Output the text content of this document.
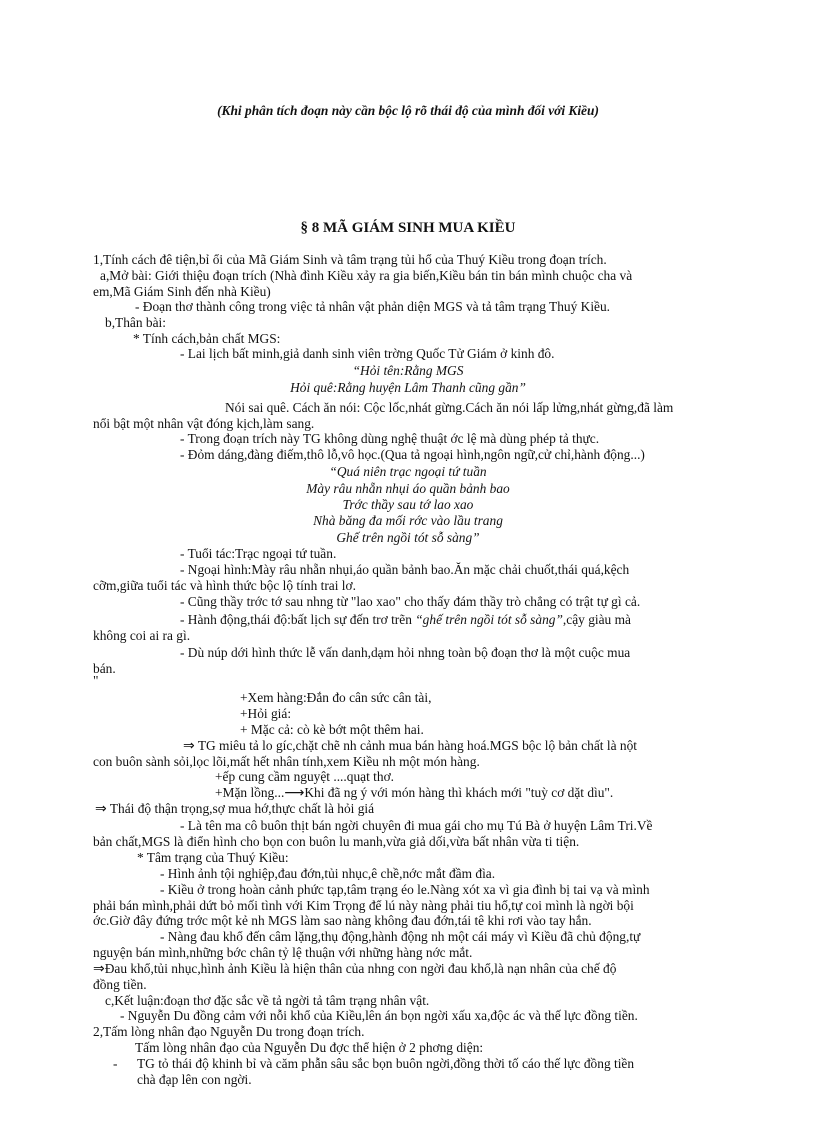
(Khi phân tích đoạn này cần bộc lộ rõ thái độ của mình đối với Kiều)
§ 8 MÃ GIÁM SINH MUA KIỀU
1,Tính cách đê tiện,bỉ ổi của Mã Giám Sinh và tâm trạng tủi hổ của Thuý Kiều trong đoạn trích.
a,Mở bài: Giới thiệu đoạn trích (Nhà đình Kiều xảy ra gia biến,Kiều bán tin bán mình chuộc cha và
em,Mã Giám Sinh đến nhà Kiều)
- Đoạn thơ thành công trong việc tả nhân vật phản diện MGS và tả tâm trạng Thuý Kiều.
b,Thân bài:
* Tính cách,bản chất MGS:
- Lai lịch bất minh,giả danh sinh viên trờng Quốc Tử Giám ở kinh đô.
“Hỏi tên:Rằng MGS
Hỏi quê:Rằng huyện Lâm Thanh cũng gần”
Nói sai quê. Cách ăn nói: Cộc lốc,nhát gừng.Cách ăn nói lấp lửng,nhát gừng,đã làm
nổi bật một nhân vật đóng kịch,làm sang.
- Trong đoạn trích này TG không dùng nghệ thuật ớc lệ mà dùng phép tả thực.
- Đỏm dáng,đàng điếm,thô lỗ,vô học.(Qua tả ngoại hình,ngôn ngữ,cử chỉ,hành động...)
“Quá niên trạc ngoại tứ tuần
Mày râu nhẵn nhụi áo quần bảnh bao
Trớc thầy sau tớ lao xao
Nhà băng đa mối rớc vào lầu trang
Ghế trên ngồi tót sỗ sàng”
- Tuổi tác:Trạc ngoại tứ tuần.
- Ngoại hình:Mày râu nhẵn nhụi,áo quần bảnh bao.Ăn mặc chải chuốt,thái quá,kệch
cỡm,giữa tuổi tác và hình thức bộc lộ tính trai lơ.
- Cũng thầy trớc tớ sau nhng từ "lao xao" cho thấy đám thầy trò chẳng có trật tự gì cả.
- Hành động,thái độ:bất lịch sự đến trơ trẽn “ghế trên ngồi tót sỗ sàng”,cậy giàu mà
không coi ai ra gì.
- Dù núp dới hình thức lễ vấn danh,dạm hỏi nhng toàn bộ đoạn thơ là một cuộc mua
bán.
"
+Xem hàng:Đắn đo cân sức cân tài,
+Hỏi giá:
+ Mặc cả: cò kè bớt một thêm hai.
⇒ TG miêu tả lo gíc,chặt chẽ nh cảnh mua bán hàng hoá.MGS bộc lộ bản chất là nột
con buôn sành sỏi,lọc lõi,mất hết nhân tính,xem Kiều nh một món hàng.
+ếp cung cầm nguyệt ....quạt thơ.
+Mặn lồng...⟶Khi đã ng ý với món hàng thì khách mới "tuỳ cơ dặt dìu".
⇒ Thái độ thận trọng,sợ mua hớ,thực chất là hỏi giá
- Là tên ma cô buôn thịt bán ngời chuyên đi mua gái cho mụ Tú Bà ở huyện Lâm Tri.Về
bản chất,MGS là điển hình cho bọn con buôn lu manh,vừa giả dối,vừa bất nhân vừa ti tiện.
* Tâm trạng của Thuý Kiều:
- Hình ảnh tội nghiệp,đau đớn,tủi nhục,ê chề,nớc mắt đầm đìa.
- Kiều ở trong hoàn cảnh phức tạp,tâm trạng éo le.Nàng xót xa vì gia đình bị tai vạ và mình
phải bán mình,phải dứt bỏ mối tình với Kim Trọng để lú này nàng phải tiu hổ,tự coi mình là ngời bội
ớc.Giờ đây đứng trớc một kẻ nh MGS làm sao nàng không đau đớn,tái tê khi rơi vào tay hắn.
- Nàng đau khổ đến câm lặng,thụ động,hành động nh một cái máy vì Kiều đã chủ động,tự
nguyện bán mình,những bớc chân tỷ lệ thuận với những hàng nớc mắt.
⇒Đau khổ,tủi nhục,hình ảnh Kiều là hiện thân của nhng con ngời đau khổ,là nạn nhân của chế độ
đồng tiền.
c,Kết luận:đoạn thơ đặc sắc về tả ngời tả tâm trạng nhân vật.
- Nguyễn Du đồng cảm với nỗi khổ của Kiều,lên án bọn ngời xấu xa,độc ác và thế lực đồng tiền.
2,Tấm lòng nhân đạo Nguyễn Du trong đoạn trích.
Tấm lòng nhân đạo của Nguyễn Du đợc thể hiện ở 2 phơng diện:
- TG tỏ thái độ khinh bỉ và căm phẫn sâu sắc bọn buôn ngời,đồng thời tố cáo thế lực đồng tiền
chà đạp lên con ngời.
